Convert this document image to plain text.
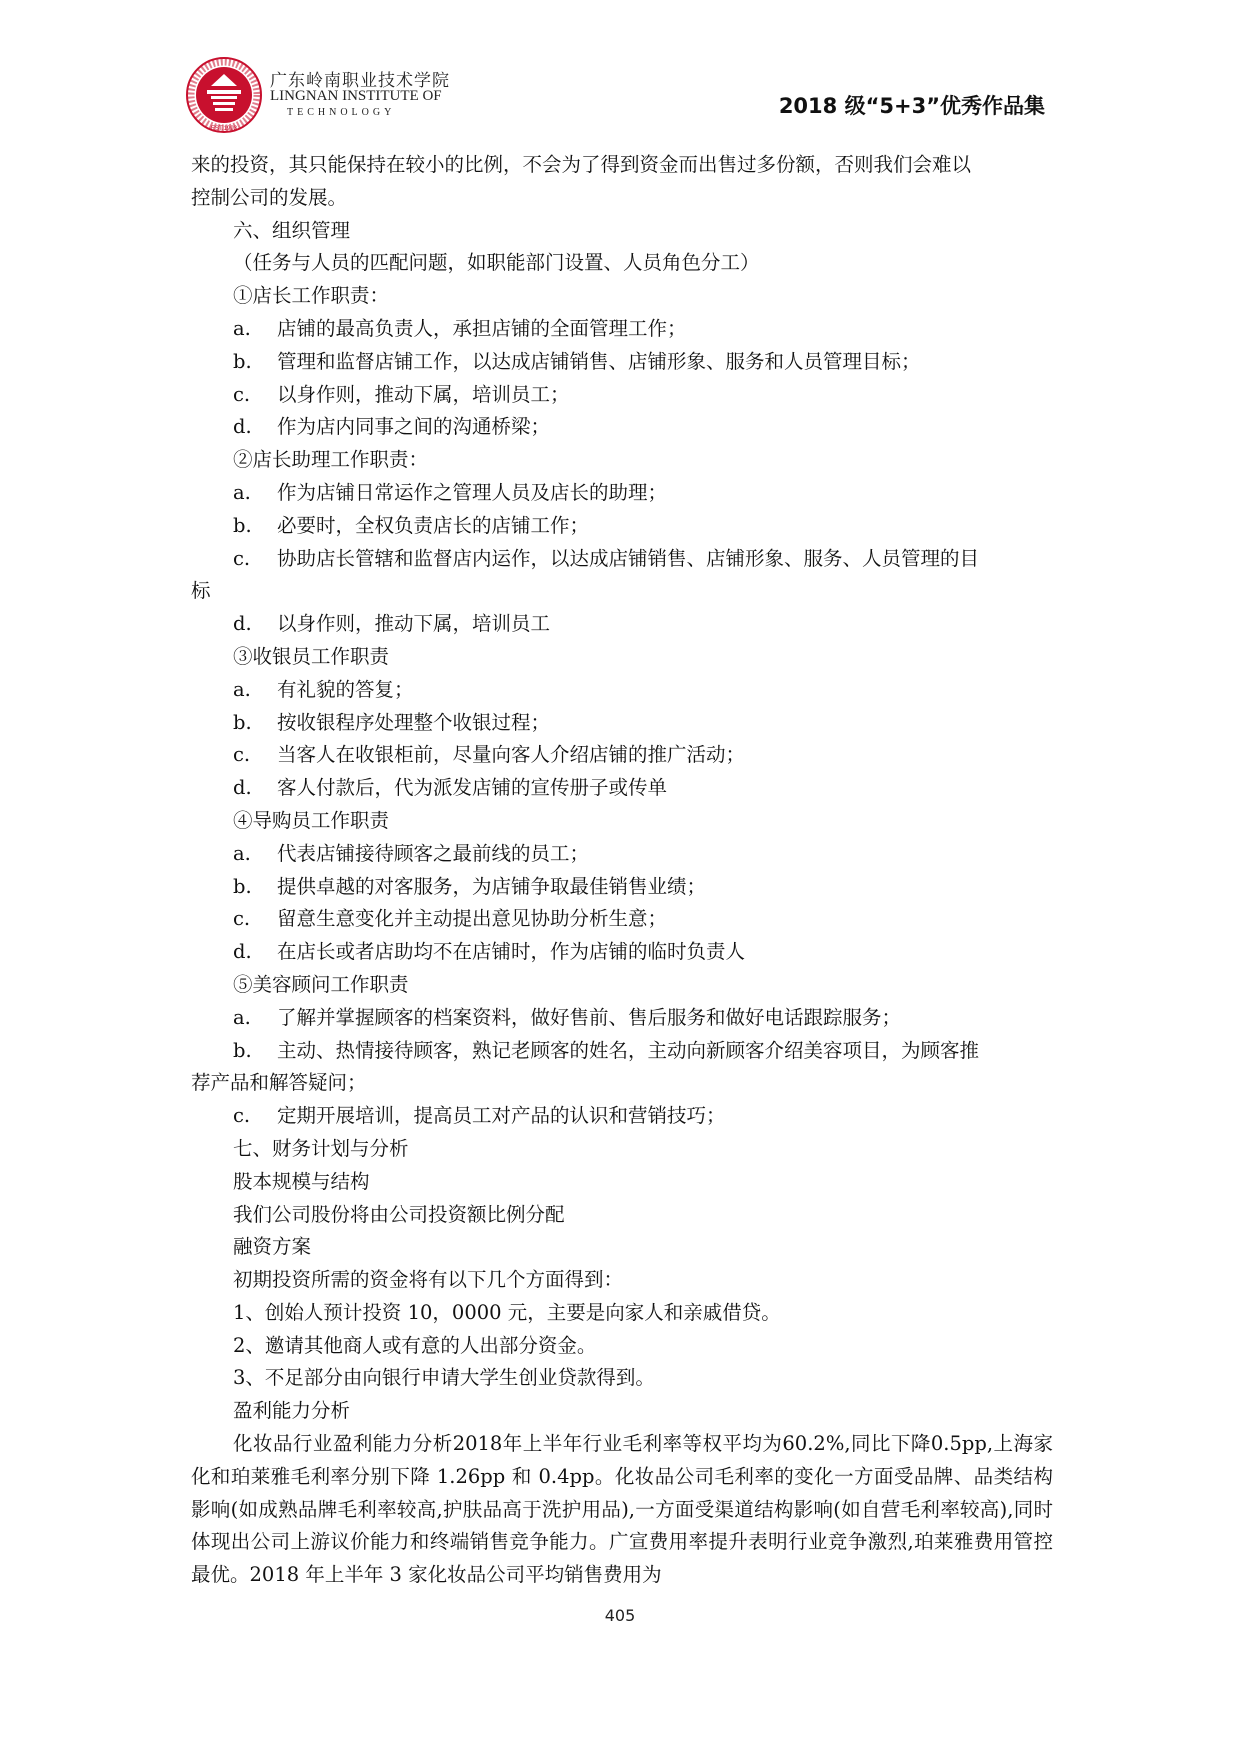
EST.1993
广东岭南职业技术学院
LINGNAN INSTITUTE OF
TECHNOLOGY	2018 级“5+3”优秀作品集
来的投资，其只能保持在较小的比例，不会为了得到资金而出售过多份额，否则我们会难以
控制公司的发展。
六、组织管理
（任务与人员的匹配问题，如职能部门设置、人员角色分工）
①店长工作职责：
a. 店铺的最高负责人，承担店铺的全面管理工作；
b. 管理和监督店铺工作，以达成店铺销售、店铺形象、服务和人员管理目标；
c. 以身作则，推动下属，培训员工；
d. 作为店内同事之间的沟通桥梁；
②店长助理工作职责：
a. 作为店铺日常运作之管理人员及店长的助理；
b. 必要时，全权负责店长的店铺工作；
c. 协助店长管辖和监督店内运作，以达成店铺销售、店铺形象、服务、人员管理的目
标
d. 以身作则，推动下属，培训员工
③收银员工作职责
a. 有礼貌的答复；
b. 按收银程序处理整个收银过程；
c. 当客人在收银柜前，尽量向客人介绍店铺的推广活动；
d. 客人付款后，代为派发店铺的宣传册子或传单
④导购员工作职责
a. 代表店铺接待顾客之最前线的员工；
b. 提供卓越的对客服务，为店铺争取最佳销售业绩；
c. 留意生意变化并主动提出意见协助分析生意；
d. 在店长或者店助均不在店铺时，作为店铺的临时负责人
⑤美容顾问工作职责
a. 了解并掌握顾客的档案资料，做好售前、售后服务和做好电话跟踪服务；
b. 主动、热情接待顾客，熟记老顾客的姓名，主动向新顾客介绍美容项目，为顾客推
荐产品和解答疑问；
c. 定期开展培训，提高员工对产品的认识和营销技巧；
七、财务计划与分析
股本规模与结构
我们公司股份将由公司投资额比例分配
融资方案
初期投资所需的资金将有以下几个方面得到：
1、创始人预计投资 10，0000 元，主要是向家人和亲戚借贷。
2、邀请其他商人或有意的人出部分资金。
3、不足部分由向银行申请大学生创业贷款得到。
盈利能力分析
化妆品行业盈利能力分析2018年上半年行业毛利率等权平均为60.2%,同比下降0.5pp,上海家化和珀莱雅毛利率分别下降 1.26pp 和 0.4pp。化妆品公司毛利率的变化一方面受品牌、品类结构影响(如成熟品牌毛利率较高,护肤品高于洗护用品),一方面受渠道结构影响(如自营毛利率较高),同时体现出公司上游议价能力和终端销售竞争能力。广宣费用率提升表明行业竞争激烈,珀莱雅费用管控最优。2018 年上半年 3 家化妆品公司平均销售费用为
405
